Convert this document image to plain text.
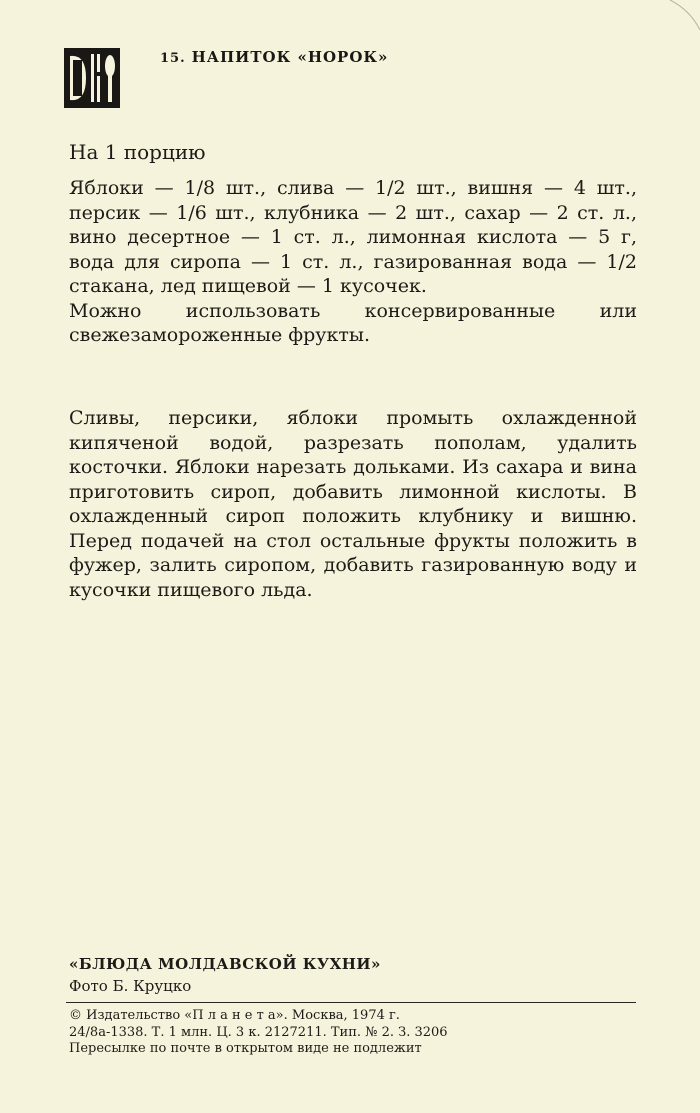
15. НАПИТОК «НОРОК»
На 1 порцию

Яблоки — 1/8 шт., слива — 1/2 шт., вишня — 4 шт., персик — 1/6 шт., клубника — 2 шт., сахар — 2 ст. л., вино десертное — 1 ст. л., лимонная кислота — 5 г, вода для сиропа — 1 ст. л., газированная вода — 1/2 стакана, лед пищевой — 1 кусочек.

Можно использовать консервированные или свежезамороженные фрукты.

Сливы, персики, яблоки промыть охлажденной кипяченой водой, разрезать пополам, удалить косточки. Яблоки нарезать дольками. Из сахара и вина приготовить сироп, добавить лимонной кислоты. В охлажденный сироп положить клубнику и вишню. Перед подачей на стол остальные фрукты положить в фужер, залить сиропом, добавить газированную воду и кусочки пищевого льда.
«БЛЮДА МОЛДАВСКОЙ КУХНИ»
Фото Б. Круцко
© Издательство «П л а н е т а». Москва, 1974 г.
24/8а-1338. Т. 1 млн. Ц. 3 к. 2127211. Тип. № 2. З. 3206
Пересылке по почте в открытом виде не подлежит
